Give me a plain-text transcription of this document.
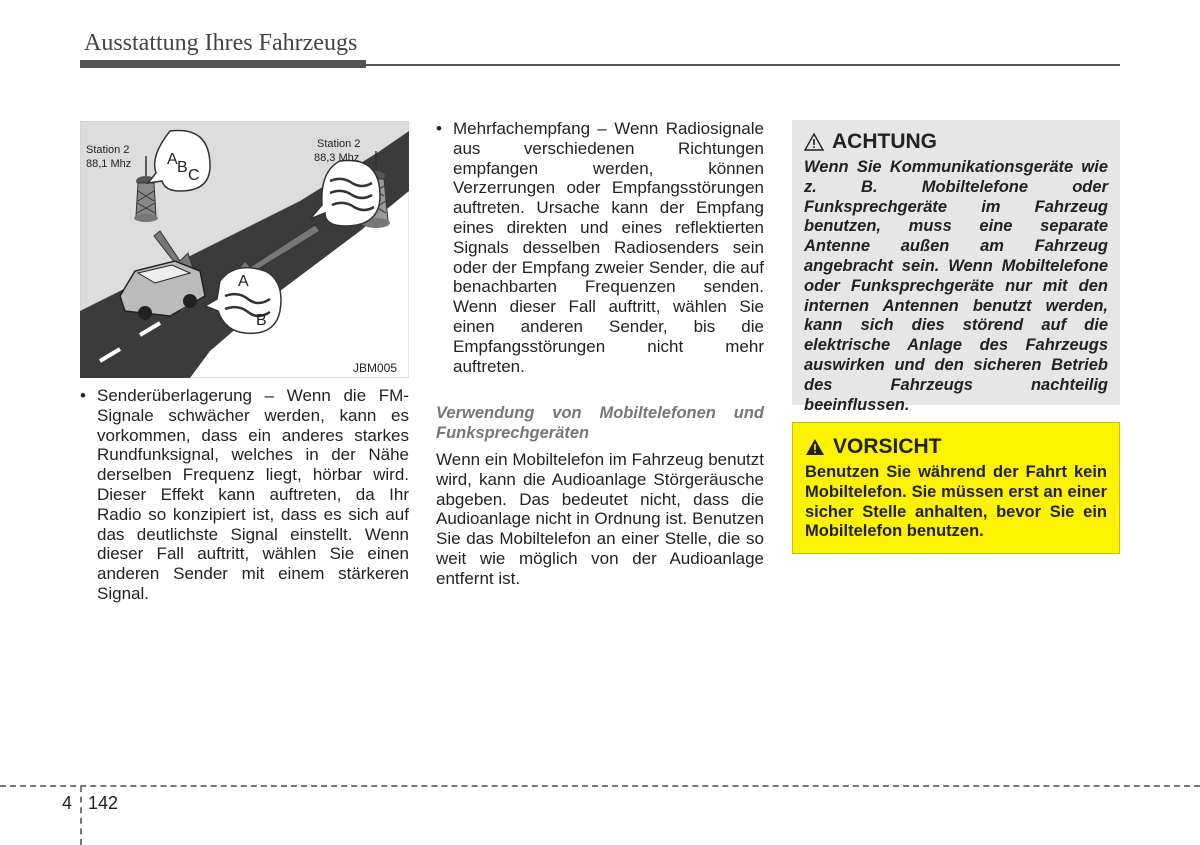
Ausstattung Ihres Fahrzeugs
Station 2
88,1 Mhz
Station 2
88,3 Mhz
A B C
A
B
JBM005

• Senderüberlagerung – Wenn die FM-Signale schwächer werden, kann es vorkommen, dass ein anderes starkes Rundfunksignal, welches in der Nähe derselben Frequenz liegt, hörbar wird. Dieser Effekt kann auftreten, da Ihr Radio so konzipiert ist, dass es sich auf das deutlichste Signal einstellt. Wenn dieser Fall auftritt, wählen Sie einen anderen Sender mit einem stärkeren Signal.

• Mehrfachempfang – Wenn Radiosignale aus verschiedenen Richtungen empfangen werden, können Verzerrungen oder Empfangsstörungen auftreten. Ursache kann der Empfang eines direkten und eines reflektierten Signals desselben Radiosenders sein oder der Empfang zweier Sender, die auf benachbarten Frequenzen senden. Wenn dieser Fall auftritt, wählen Sie einen anderen Sender, bis die Empfangsstörungen nicht mehr auftreten.

Verwendung von Mobiltelefonen und Funksprechgeräten

Wenn ein Mobiltelefon im Fahrzeug benutzt wird, kann die Audioanlage Störgeräusche abgeben. Das bedeutet nicht, dass die Audioanlage nicht in Ordnung ist. Benutzen Sie das Mobiltelefon an einer Stelle, die so weit wie möglich von der Audioanlage entfernt ist.

ACHTUNG
Wenn Sie Kommunikationsgeräte wie z. B. Mobiltelefone oder Funksprechgeräte im Fahrzeug benutzen, muss eine separate Antenne außen am Fahrzeug angebracht sein. Wenn Mobiltelefone oder Funksprechgeräte nur mit den internen Antennen benutzt werden, kann sich dies störend auf die elektrische Anlage des Fahrzeugs auswirken und den sicheren Betrieb des Fahrzeugs nachteilig beeinflussen.
VORSICHT
Benutzen Sie während der Fahrt kein Mobiltelefon. Sie müssen erst an einer sicher Stelle anhalten, bevor Sie ein Mobiltelefon benutzen.
4 142
